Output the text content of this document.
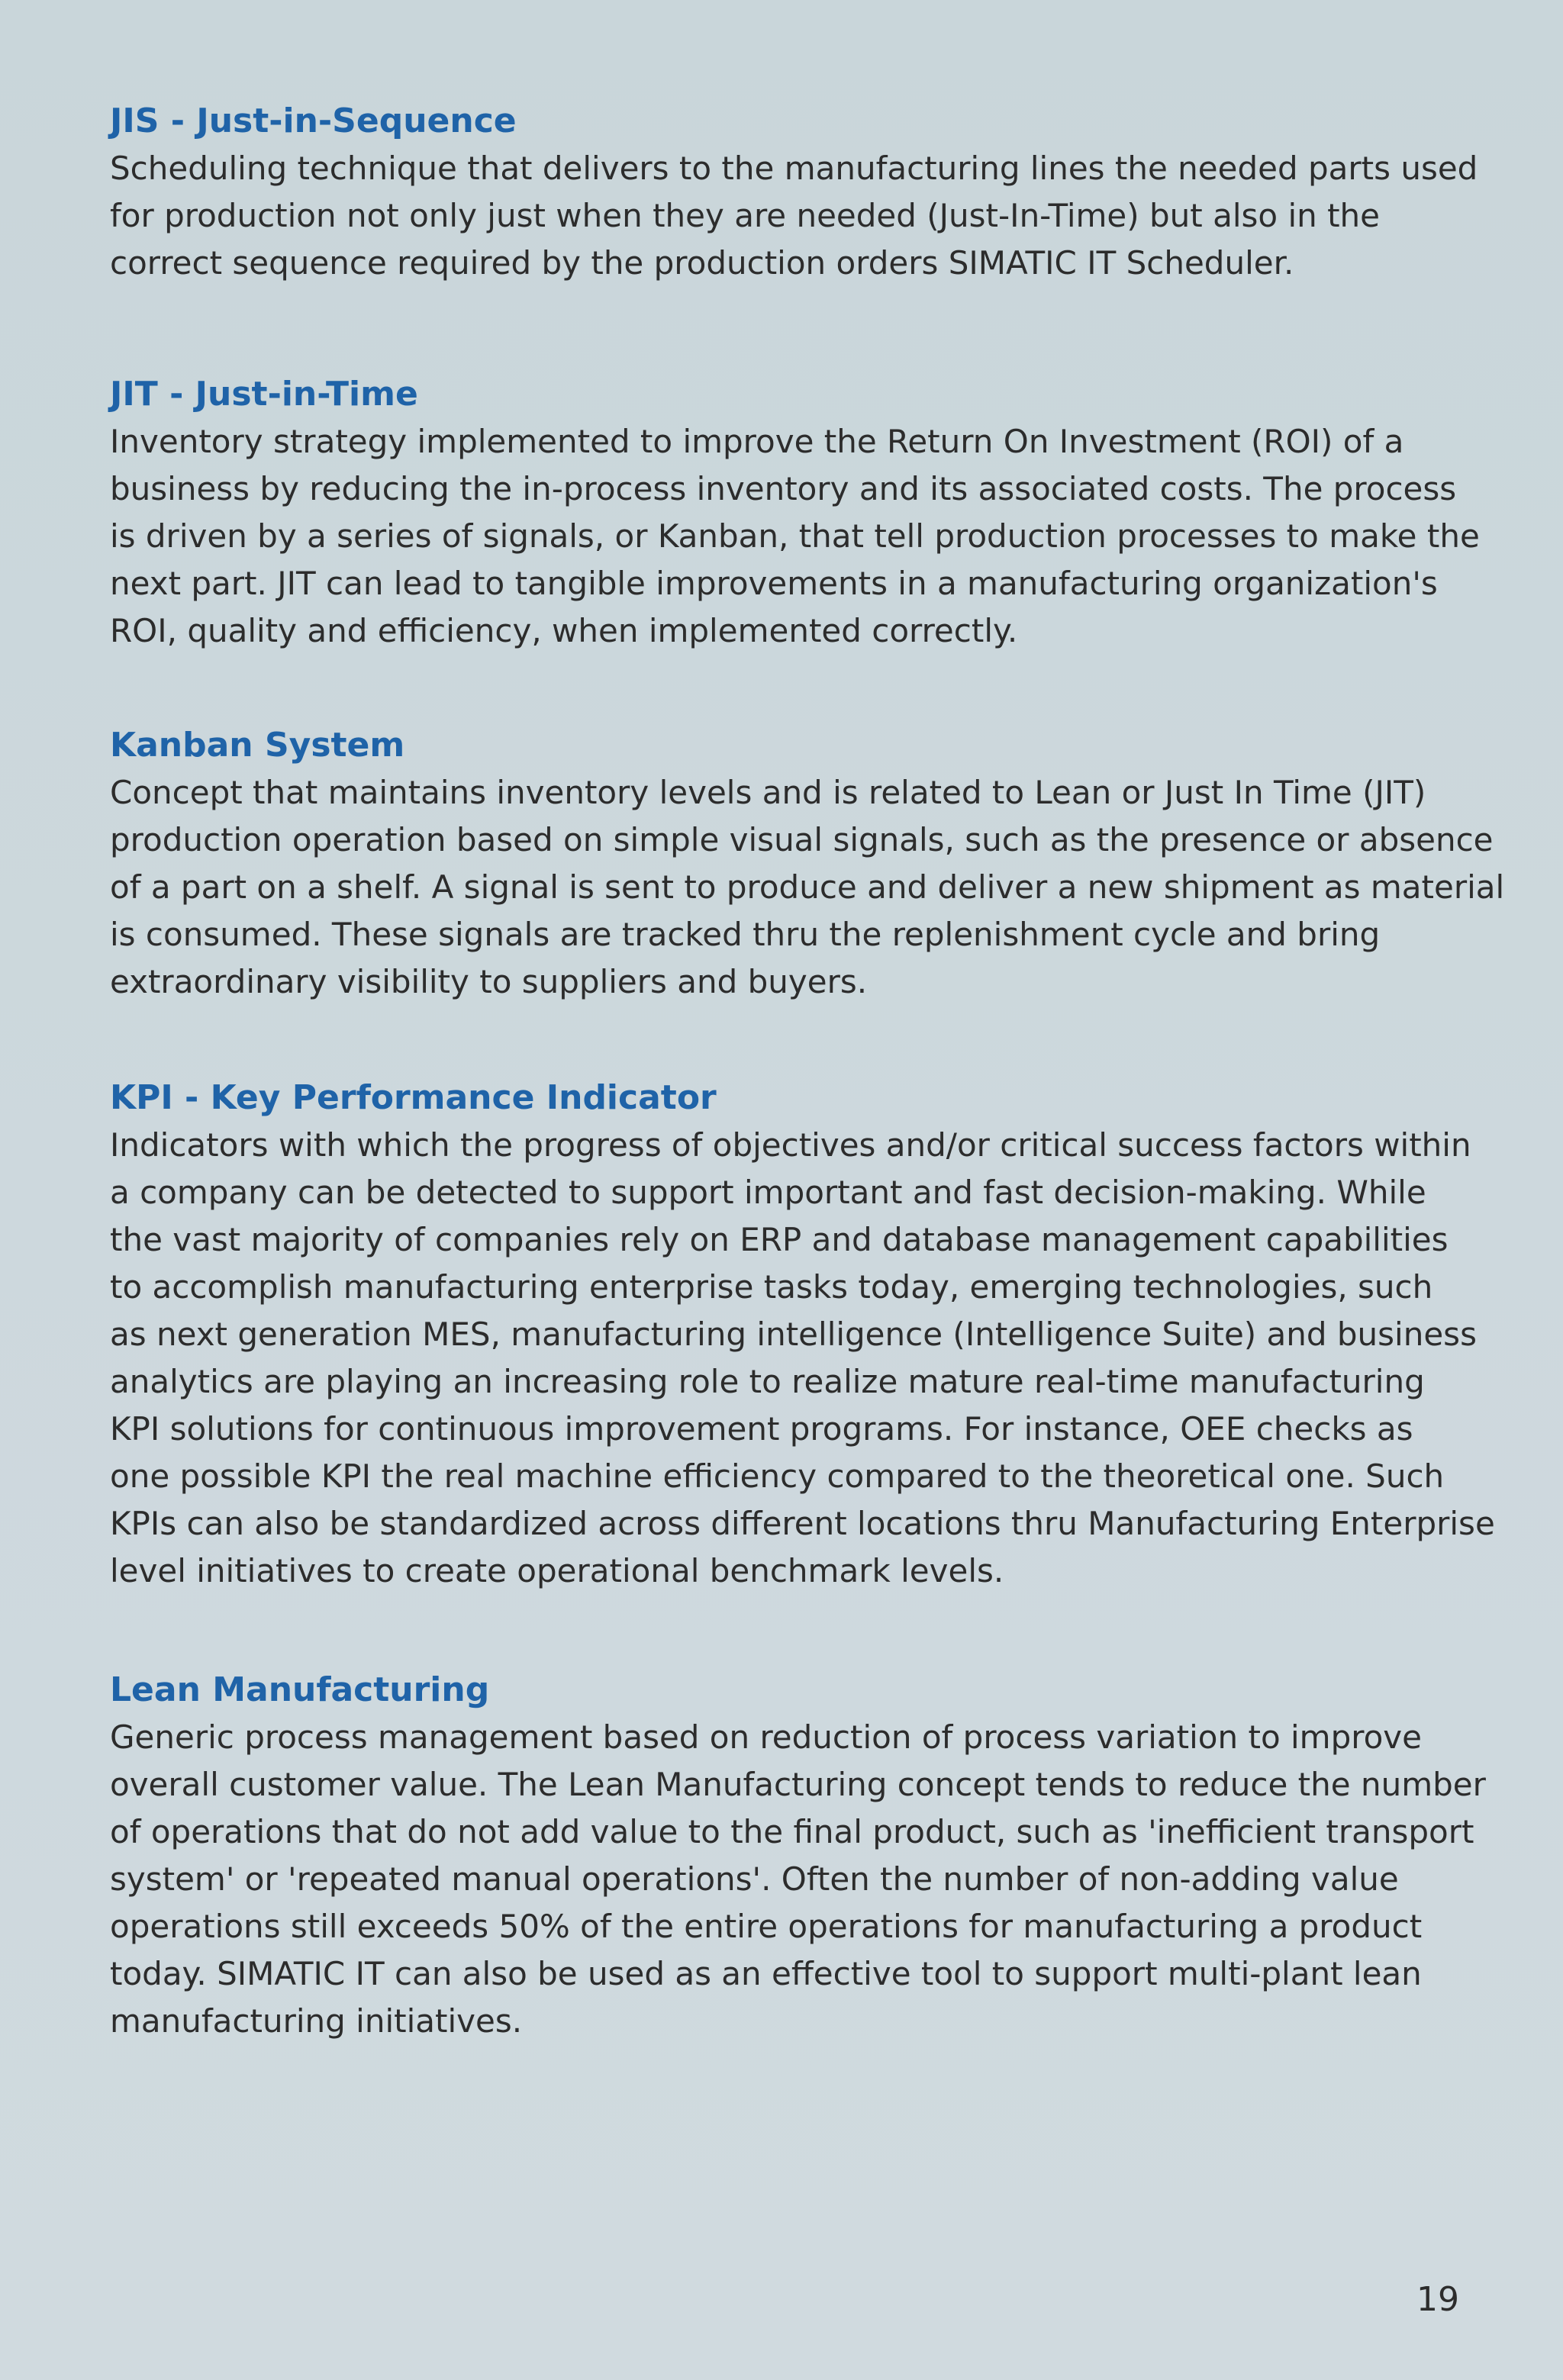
JIS - Just-in-Sequence
Scheduling technique that delivers to the manufacturing lines the needed parts used
for production not only just when they are needed (Just-In-Time) but also in the
correct sequence required by the production orders SIMATIC IT Scheduler.
JIT - Just-in-Time
Inventory strategy implemented to improve the Return On Investment (ROI) of a
business by reducing the in-process inventory and its associated costs. The process
is driven by a series of signals, or Kanban, that tell production processes to make the
next part. JIT can lead to tangible improvements in a manufacturing organization's
ROI, quality and efficiency, when implemented correctly.
Kanban System
Concept that maintains inventory levels and is related to Lean or Just In Time (JIT)
production operation based on simple visual signals, such as the presence or absence
of a part on a shelf. A signal is sent to produce and deliver a new shipment as material
is consumed. These signals are tracked thru the replenishment cycle and bring
extraordinary visibility to suppliers and buyers.
KPI - Key Performance Indicator
Indicators with which the progress of objectives and/or critical success factors within
a company can be detected to support important and fast decision-making. While
the vast majority of companies rely on ERP and database management capabilities
to accomplish manufacturing enterprise tasks today, emerging technologies, such
as next generation MES, manufacturing intelligence (Intelligence Suite) and business
analytics are playing an increasing role to realize mature real-time manufacturing
KPI solutions for continuous improvement programs. For instance, OEE checks as
one possible KPI the real machine efficiency compared to the theoretical one. Such
KPIs can also be standardized across different locations thru Manufacturing Enterprise
level initiatives to create operational benchmark levels.
Lean Manufacturing
Generic process management based on reduction of process variation to improve
overall customer value. The Lean Manufacturing concept tends to reduce the number
of operations that do not add value to the final product, such as 'inefficient transport
system' or 'repeated manual operations'. Often the number of non-adding value
operations still exceeds 50% of the entire operations for manufacturing a product
today. SIMATIC IT can also be used as an effective tool to support multi-plant lean
manufacturing initiatives.
19
